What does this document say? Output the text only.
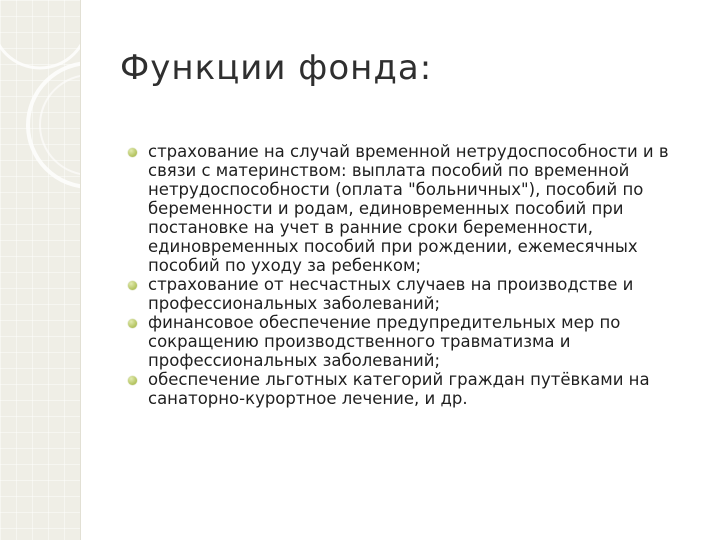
Функции фонда:
страхование на случай временной нетрудоспособности и в связи с материнством: выплата пособий по временной нетрудоспособности (оплата "больничных"), пособий по беременности и родам, единовременных пособий при постановке на учет в ранние сроки беременности, единовременных пособий при рождении, ежемесячных пособий по уходу за ребенком;
страхование от несчастных случаев на производстве и профессиональных заболеваний;
финансовое обеспечение предупредительных мер по сокращению производственного травматизма и профессиональных заболеваний;
обеспечение льготных категорий граждан путёвками на санаторно-курортное лечение, и др.
